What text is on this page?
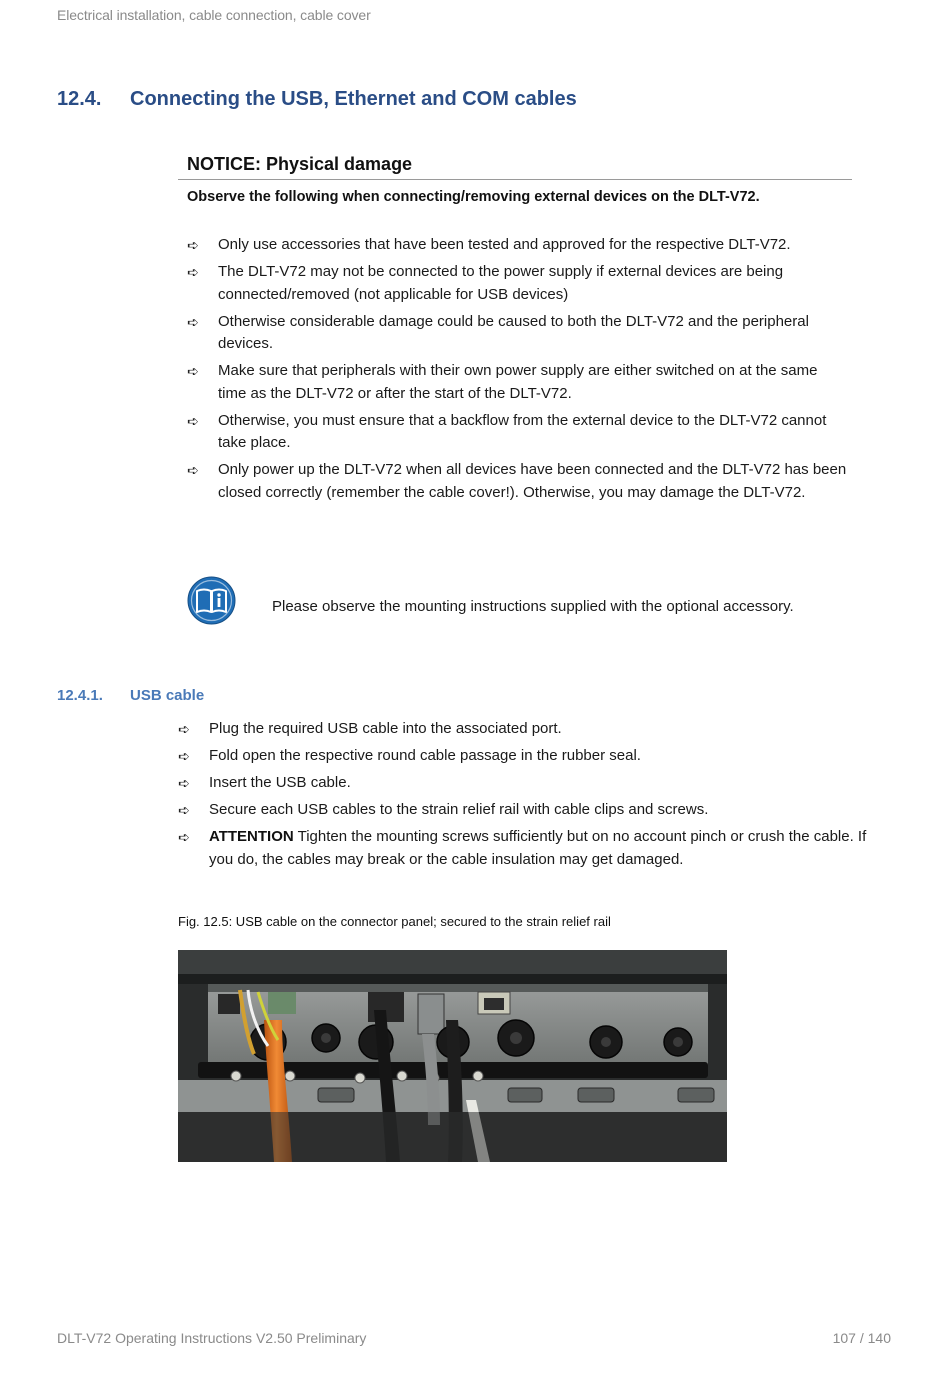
Electrical installation, cable connection, cable cover
12.4. Connecting the USB, Ethernet and COM cables
NOTICE: Physical damage
Observe the following when connecting/removing external devices on the DLT-V72.
➪ Only use accessories that have been tested and approved for the respective DLT-V72.
➪ The DLT-V72 may not be connected to the power supply if external devices are being connected/removed (not applicable for USB devices)
➪ Otherwise considerable damage could be caused to both the DLT-V72 and the peripheral devices.
➪ Make sure that peripherals with their own power supply are either switched on at the same time as the DLT-V72 or after the start of the DLT-V72.
➪ Otherwise, you must ensure that a backflow from the external device to the DLT-V72 cannot take place.
➪ Only power up the DLT-V72 when all devices have been connected and the DLT-V72 has been closed correctly (remember the cable cover!). Otherwise, you may damage the DLT-V72.
Please observe the mounting instructions supplied with the optional accessory.
12.4.1. USB cable
➪ Plug the required USB cable into the associated port.
➪ Fold open the respective round cable passage in the rubber seal.
➪ Insert the USB cable.
➪ Secure each USB cables to the strain relief rail with cable clips and screws.
➪ ATTENTION Tighten the mounting screws sufficiently but on no account pinch or crush the cable. If you do, the cables may break or the cable insulation may get damaged.
Fig. 12.5: USB cable on the connector panel; secured to the strain relief rail
DLT-V72 Operating Instructions V2.50 Preliminary	107 / 140
